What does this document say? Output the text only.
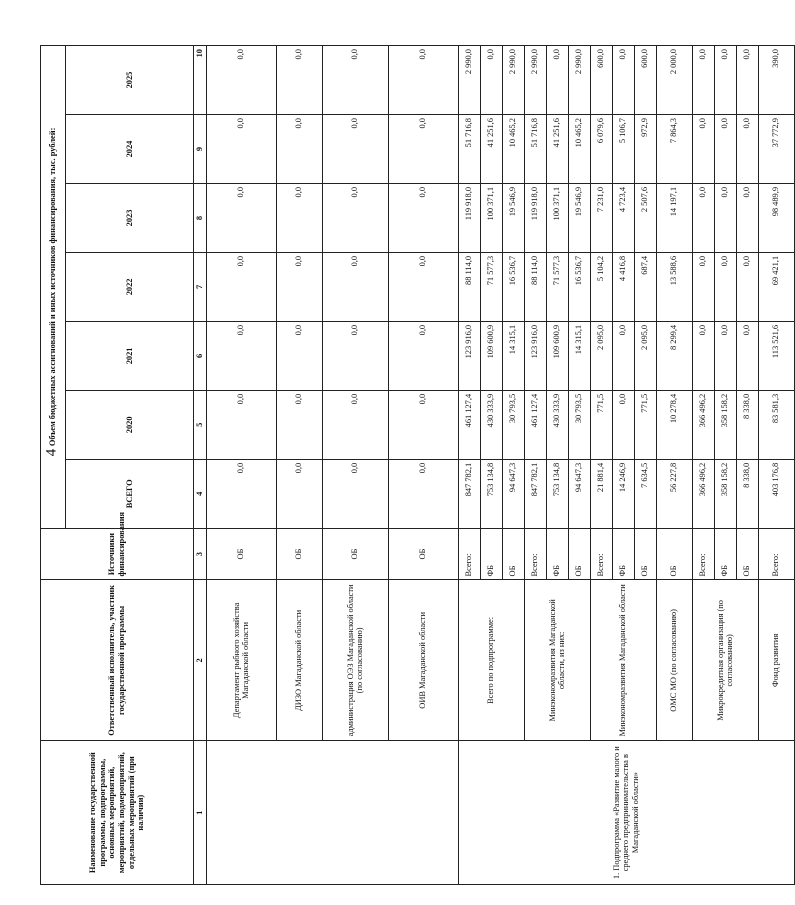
4
Наименование государственной программы, подпрограммы, основных мероприятий, мероприятий, подмероприятий, отдельных мероприятий (при наличии)	Ответственный исполнитель, участник государственной программы	Источники финансирования	Объем бюджетных ассигнований и иных источников финансирования, тыс. рублей:						
			ВСЕГО	2020	2021	2022	2023	2024	2025
1	2	3	4	5	6	7	8	9	10
	Департамент рыбного хозяйства Магаданской области	ОБ	0,0	0,0	0,0	0,0	0,0	0,0	0,0
	ДИЗО Магаданской области	ОБ	0,0	0,0	0,0	0,0	0,0	0,0	0,0
	администрация ОЭЗ Магаданской области (по согласованию)	ОБ	0,0	0,0	0,0	0,0	0,0	0,0	0,0
	ОИВ Магаданской области	ОБ	0,0	0,0	0,0	0,0	0,0	0,0	0,0
1. Подпрограмма «Развитие малого и среднего предпринимательства в Магаданской области»	Всего по подпрограмме:	Всего:	847 782,1	461 127,4	123 916,0	88 114,0	119 918,0	51 716,8	2 990,0
		ФБ	753 134,8	430 333,9	109 600,9	71 577,3	100 371,1	41 251,6	0,0
		ОБ	94 647,3	30 793,5	14 315,1	16 536,7	19 546,9	10 465,2	2 990,0
	Минэкономразвития Магаданской области, из них:	Всего:	847 782,1	461 127,4	123 916,0	88 114,0	119 918,0	51 716,8	2 990,0
		ФБ	753 134,8	430 333,9	109 600,9	71 577,3	100 371,1	41 251,6	0,0
		ОБ	94 647,3	30 793,5	14 315,1	16 536,7	19 546,9	10 465,2	2 990,0
	Минэкономразвития Магаданской области	Всего:	21 881,4	771,5	2 095,0	5 104,2	7 231,0	6 079,6	600,0
		ФБ	14 246,9	0,0	0,0	4 416,8	4 723,4	5 106,7	0,0
		ОБ	7 634,5	771,5	2 095,0	687,4	2 507,6	972,9	600,0
	ОМС МО (по согласованию)	ОБ	56 227,8	10 278,4	8 299,4	13 588,6	14 197,1	7 864,3	2 000,0
	Микрокредитная организация (по согласованию)	Всего:	366 496,2	366 496,2	0,0	0,0	0,0	0,0	0,0
		ФБ	358 158,2	358 158,2	0,0	0,0	0,0	0,0	0,0
		ОБ	8 338,0	8 338,0	0,0	0,0	0,0	0,0	0,0
	Фонд развития	Всего:	403 176,8	83 581,3	113 521,6	69 421,1	98 489,9	37 772,9	390,0
